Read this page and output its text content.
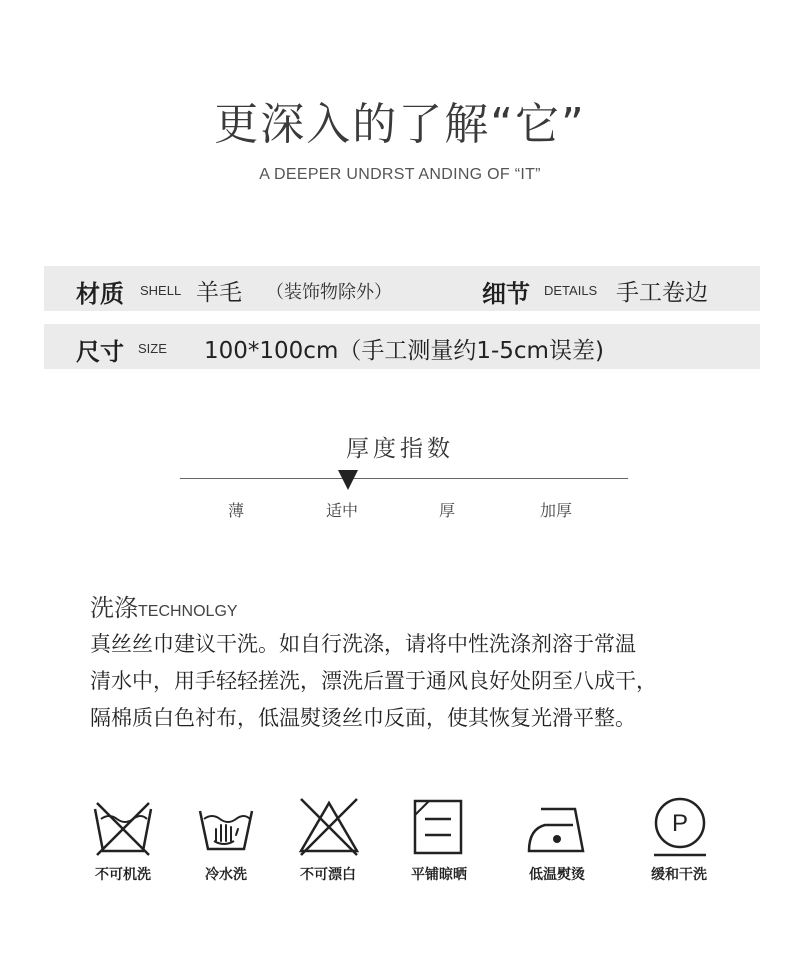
更深入的了解“它”
A DEEPER UNDRST ANDING OF “IT”
材质 SHELL 羊毛 （装饰物除外）	细节 DETAILS 手工卷边
尺寸 SIZE 100*100cm（手工测量约1-5cm误差)
厚度指数
薄	适中	厚	加厚
洗涤TECHNOLGY
真丝丝巾建议干洗。如自行洗涤，请将中性洗涤剂溶于常温
清水中，用手轻轻搓洗，漂洗后置于通风良好处阴至八成干，
隔棉质白色衬布，低温熨烫丝巾反面，使其恢复光滑平整。
P
不可机洗	冷水洗	不可漂白	平铺晾晒	低温熨烫	缓和干洗
